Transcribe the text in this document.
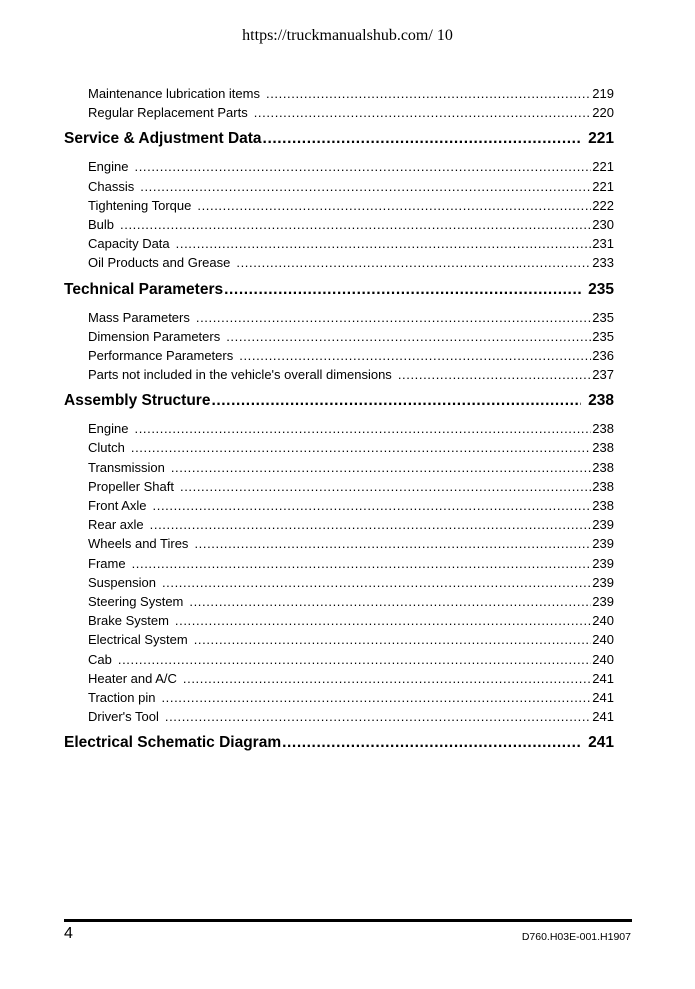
https://truckmanualshub.com/ 10
Maintenance lubrication items .....	219
Regular Replacement Parts .....	220
Service & Adjustment Data .....	221
Engine .....	221
Chassis .....	221
Tightening Torque .....	222
Bulb .....	230
Capacity Data .....	231
Oil Products and Grease .....	233
Technical Parameters .....	235
Mass Parameters .....	235
Dimension Parameters .....	235
Performance Parameters .....	236
Parts not included in the vehicle's overall dimensions .....	237
Assembly Structure .....	238
Engine .....	238
Clutch .....	238
Transmission .....	238
Propeller Shaft .....	238
Front Axle .....	238
Rear axle .....	239
Wheels and Tires .....	239
Frame .....	239
Suspension .....	239
Steering System .....	239
Brake System .....	240
Electrical System .....	240
Cab .....	240
Heater and A/C .....	241
Traction pin .....	241
Driver's Tool .....	241
Electrical Schematic Diagram .....	241
4	D760.H03E-001.H1907
